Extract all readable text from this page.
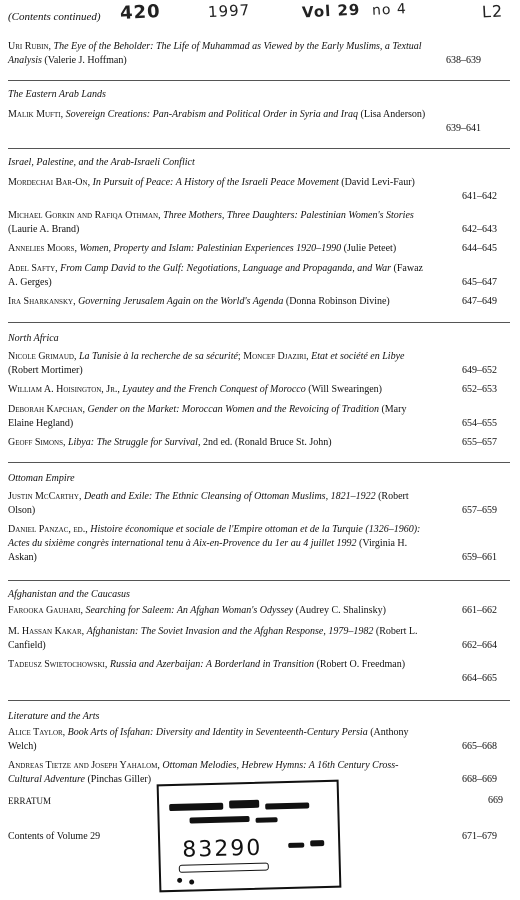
(Contents continued) 420	1997	Vol 29 no 4	L2
Uri Rubin, The Eye of the Beholder: The Life of Muhammad as Viewed by the Early Muslims, a Textual Analysis (Valerie J. Hoffman)	638–639
The Eastern Arab Lands
Malik Mufti, Sovereign Creations: Pan-Arabism and Political Order in Syria and Iraq (Lisa Anderson)
639–641
Israel, Palestine, and the Arab-Israeli Conflict
Mordechai Bar-On, In Pursuit of Peace: A History of the Israeli Peace Movement (David Levi-Faur)
641–642
Michael Gorkin and Rafiqa Othman, Three Mothers, Three Daughters: Palestinian Women's Stories (Laurie A. Brand)	642–643
Annelies Moors, Women, Property and Islam: Palestinian Experiences 1920–1990 (Julie Peteet)	644–645
Adel Safty, From Camp David to the Gulf: Negotiations, Language and Propaganda, and War (Fawaz A. Gerges)	645–647
Ira Sharkansky, Governing Jerusalem Again on the World's Agenda (Donna Robinson Divine)	647–649
North Africa
Nicole Grimaud, La Tunisie à la recherche de sa sécurité; Moncef Djaziri, Etat et société en Libye (Robert Mortimer)	649–652
William A. Hoisington, Jr., Lyautey and the French Conquest of Morocco (Will Swearingen)	652–653
Deborah Kapchan, Gender on the Market: Moroccan Women and the Revoicing of Tradition (Mary Elaine Hegland)	654–655
Geoff Simons, Libya: The Struggle for Survival, 2nd ed. (Ronald Bruce St. John)	655–657
Ottoman Empire
Justin McCarthy, Death and Exile: The Ethnic Cleansing of Ottoman Muslims, 1821–1922 (Robert Olson)	657–659
Daniel Panzac, ed., Histoire économique et sociale de l'Empire ottoman et de la Turquie (1326–1960): Actes du sixième congrès international tenu à Aix-en-Provence du 1er au 4 juillet 1992 (Virginia H. Askan)	659–661
Afghanistan and the Caucasus
Farooka Gauhari, Searching for Saleem: An Afghan Woman's Odyssey (Audrey C. Shalinsky)	661–662
M. Hassan Kakar, Afghanistan: The Soviet Invasion and the Afghan Response, 1979–1982 (Robert L. Canfield)	662–664
Tadeusz Swietochowski, Russia and Azerbaijan: A Borderland in Transition (Robert O. Freedman)
664–665
Literature and the Arts
Alice Taylor, Book Arts of Isfahan: Diversity and Identity in Seventeenth-Century Persia (Anthony Welch)	665–668
Andreas Tietze and Joseph Yahalom, Ottoman Melodies, Hebrew Hymns: A 16th Century Cross-Cultural Adventure (Pinchas Giller)	668–669
ERRATUM	669
Contents of Volume 29	671–679
83290
